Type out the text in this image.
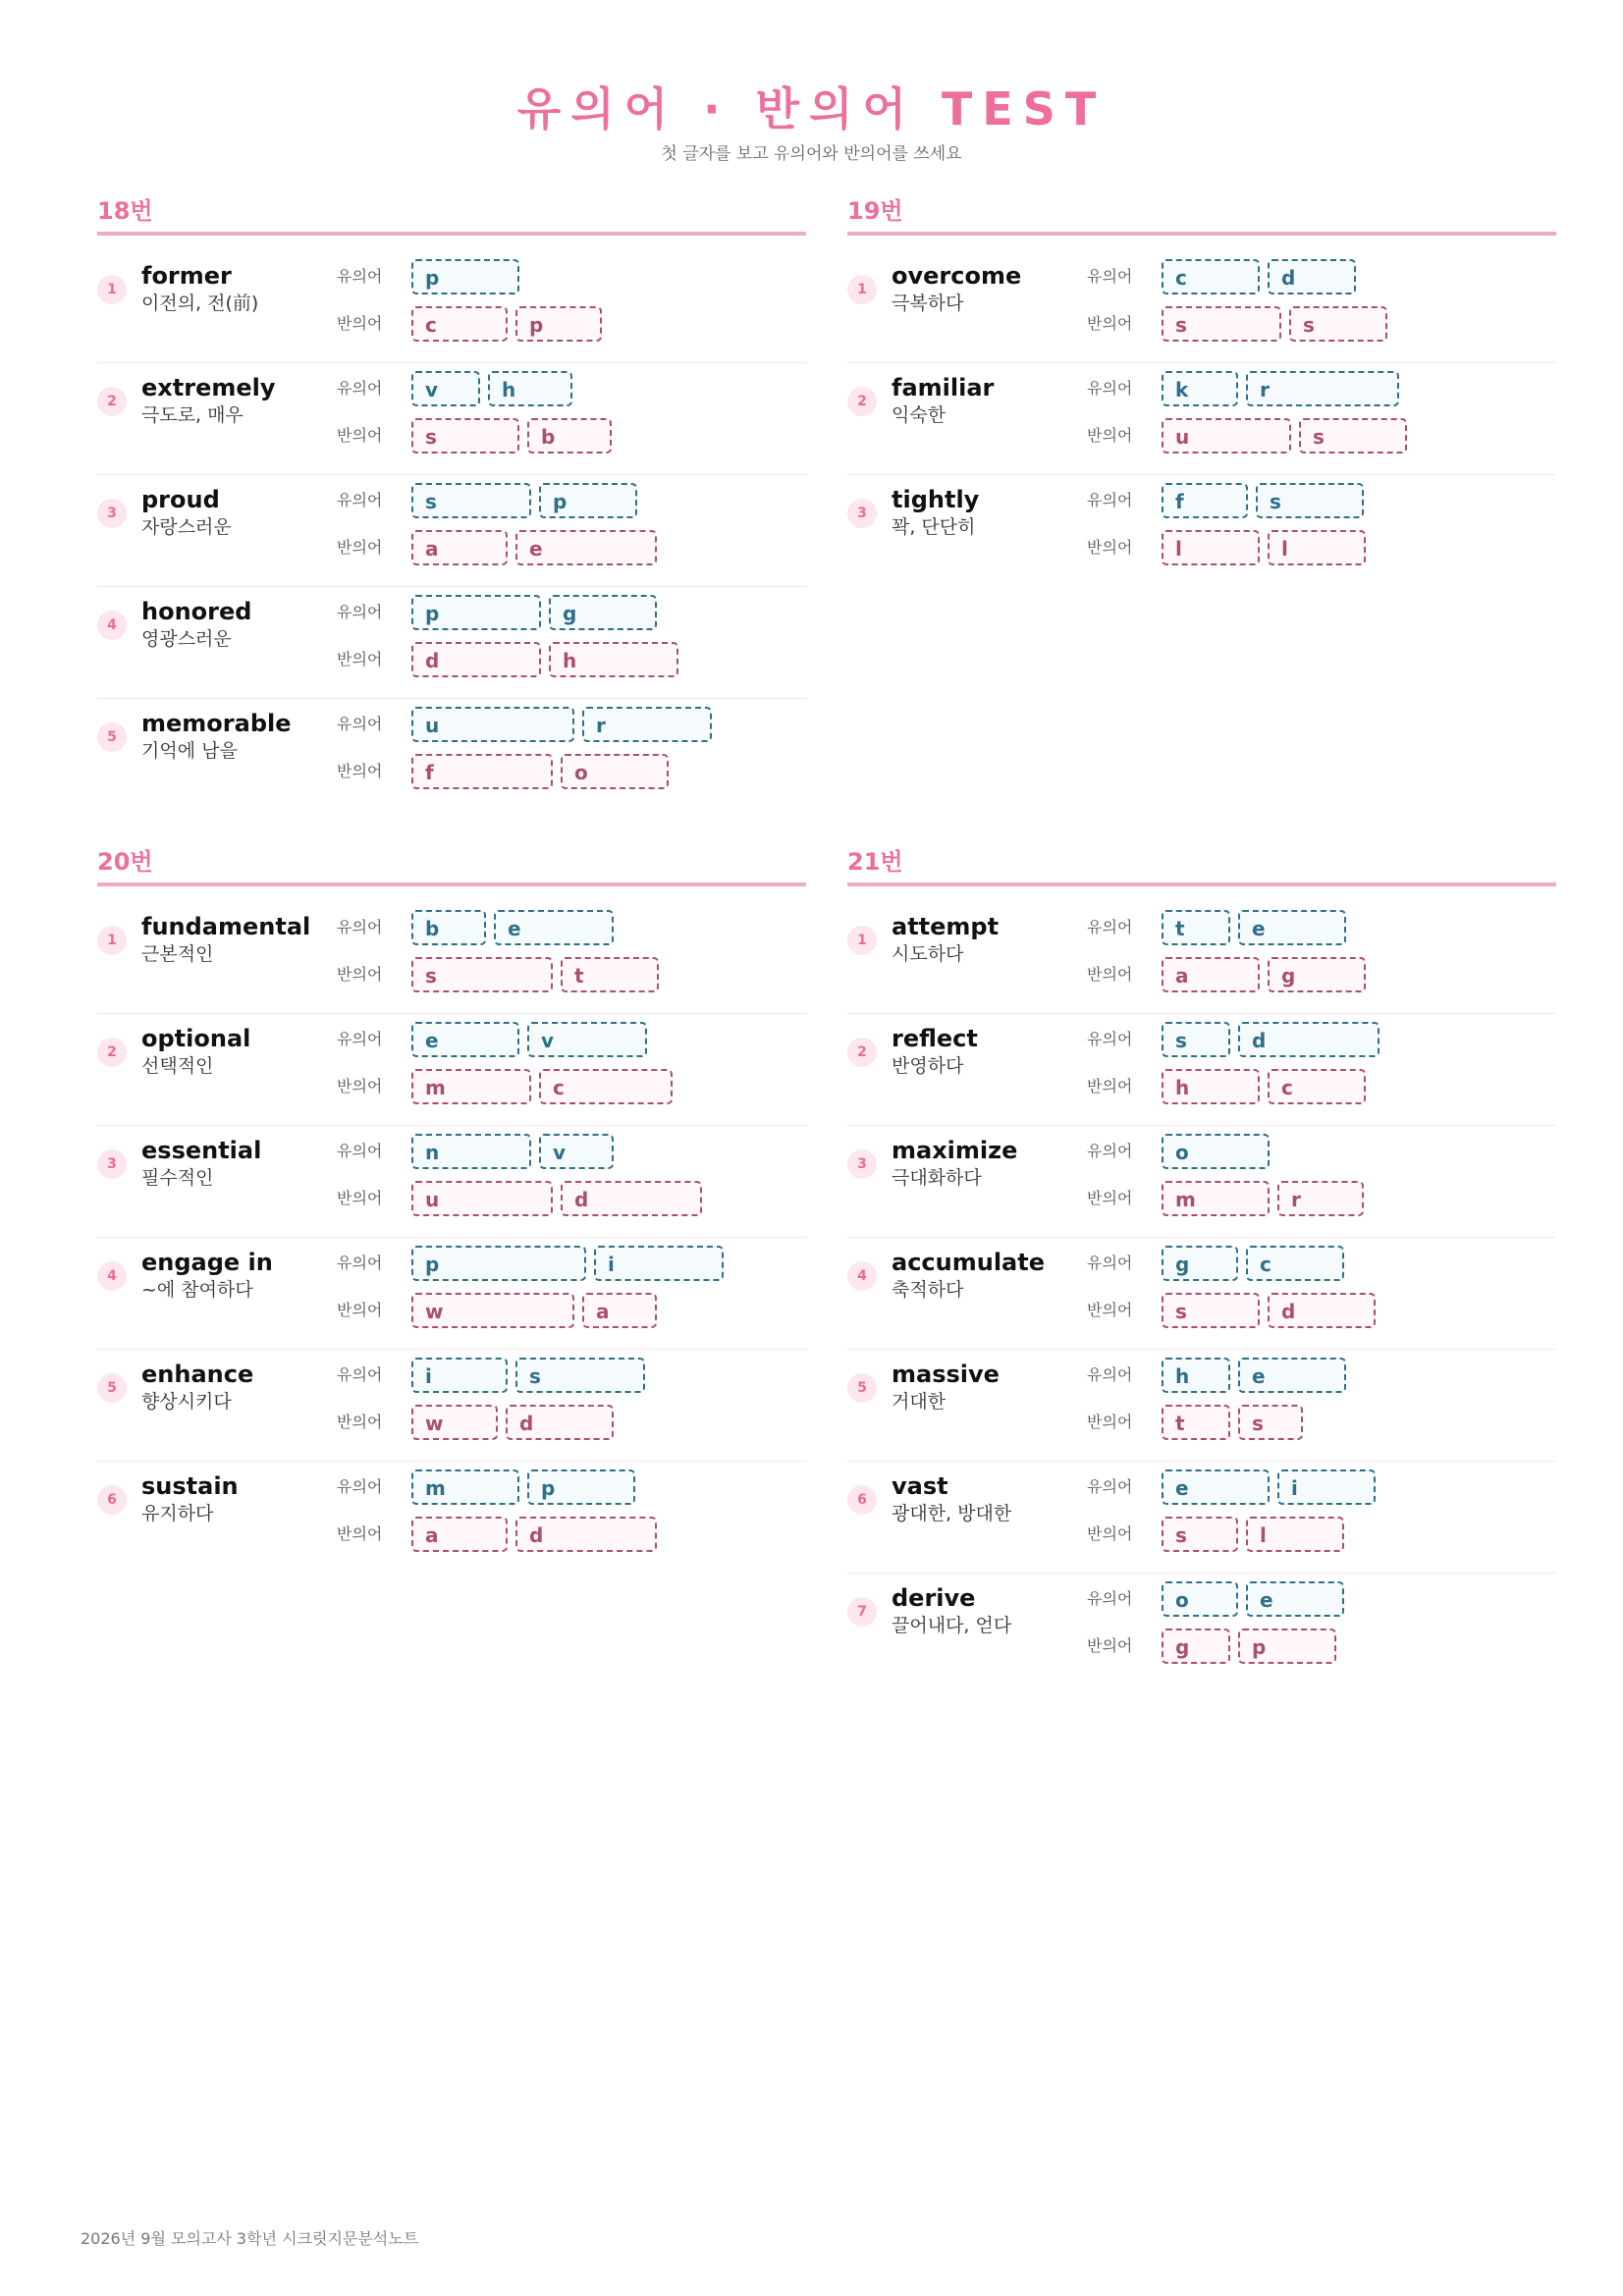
유의어 · 반의어 TEST
첫 글자를 보고 유의어와 반의어를 쓰세요
18번
1	former
이전의, 전(前)
유의어	p
반의어	c	p
2	extremely
극도로, 매우
유의어	v	h
반의어	s	b
3	proud
자랑스러운
유의어	s	p
반의어	a	e
4	honored
영광스러운
유의어	p	g
반의어	d	h
5	memorable
기억에 남을
유의어	u	r
반의어	f	o
19번
1	overcome
극복하다
유의어	c	d
반의어	s	s
2	familiar
익숙한
유의어	k	r
반의어	u	s
3	tightly
꽉, 단단히
유의어	f	s
반의어	l	l
20번
1	fundamental
근본적인
유의어	b	e
반의어	s	t
2	optional
선택적인
유의어	e	v
반의어	m	c
3	essential
필수적인
유의어	n	v
반의어	u	d
4	engage in
~에 참여하다
유의어	p	i
반의어	w	a
5	enhance
향상시키다
유의어	i	s
반의어	w	d
6	sustain
유지하다
유의어	m	p
반의어	a	d
21번
1	attempt
시도하다
유의어	t	e
반의어	a	g
2	reflect
반영하다
유의어	s	d
반의어	h	c
3	maximize
극대화하다
유의어	o
반의어	m	r
4	accumulate
축적하다
유의어	g	c
반의어	s	d
5	massive
거대한
유의어	h	e
반의어	t	s
6	vast
광대한, 방대한
유의어	e	i
반의어	s	l
7	derive
끌어내다, 얻다
유의어	o	e
반의어	g	p
2026년 9월 모의고사 3학년 시크릿지문분석노트
